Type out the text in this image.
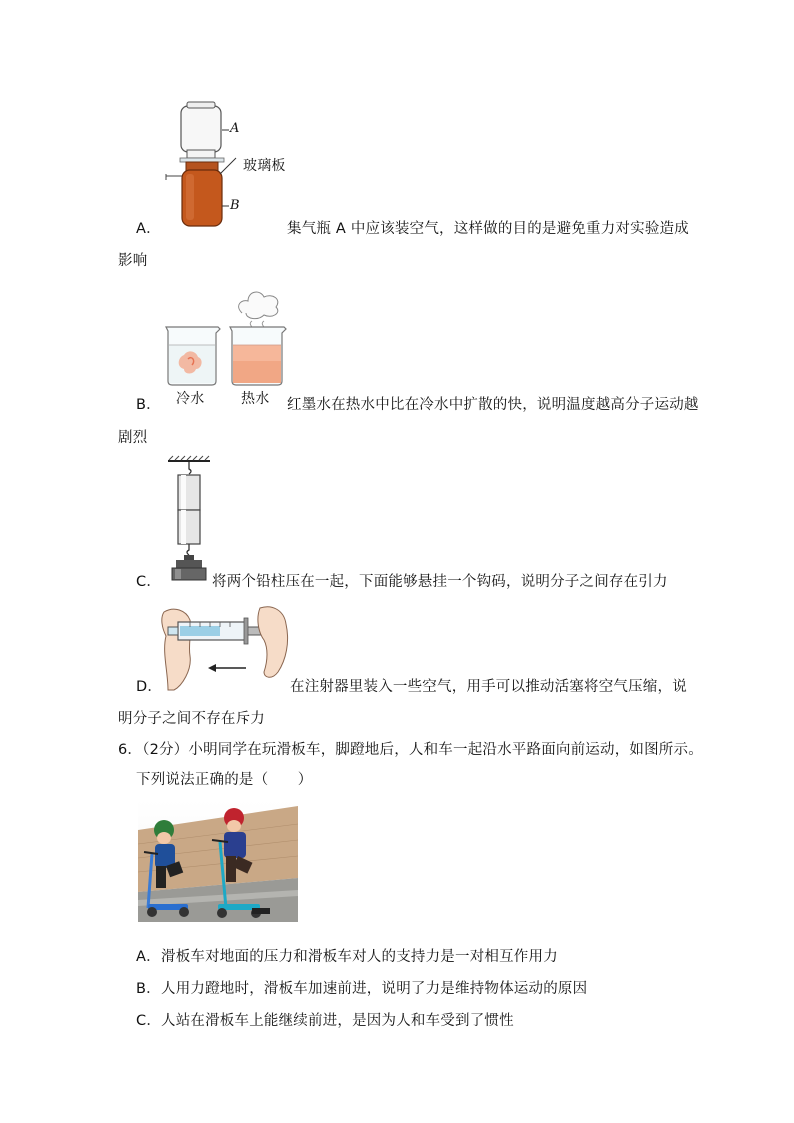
A
玻璃板
B
A．	集气瓶 A 中应该装空气，这样做的目的是避免重力对实验造成
影响
冷水	热水
B．	红墨水在热水中比在冷水中扩散的快，说明温度越高分子运动越
剧烈
C．	将两个铅柱压在一起，下面能够悬挂一个钩码，说明分子之间存在引力
D．	在注射器里装入一些空气，用手可以推动活塞将空气压缩，说
明分子之间不存在斥力
6．（2分）小明同学在玩滑板车，脚蹬地后，人和车一起沿水平路面向前运动，如图所示。
下列说法正确的是（　　）
A． 滑板车对地面的压力和滑板车对人的支持力是一对相互作用力
B． 人用力蹬地时，滑板车加速前进，说明了力是维持物体运动的原因
C． 人站在滑板车上能继续前进，是因为人和车受到了惯性
